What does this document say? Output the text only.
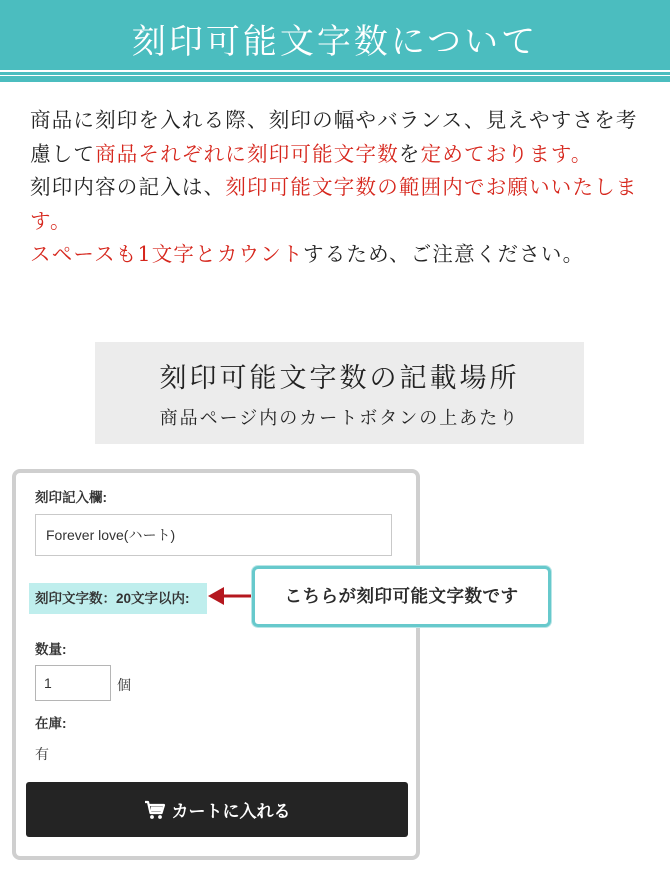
刻印可能文字数について
商品に刻印を入れる際、刻印の幅やバランス、見えやすさを考慮して商品それぞれに刻印可能文字数を定めております。
刻印内容の記入は、刻印可能文字数の範囲内でお願いいたします。
スペースも1文字とカウントするため、ご注意ください。
刻印可能文字数の記載場所
商品ページ内のカートボタンの上あたり
刻印記入欄:
Forever love(ハート)
刻印文字数：20文字以内:
数量:
1
個
在庫:
有
カートに入れる
こちらが刻印可能文字数です
